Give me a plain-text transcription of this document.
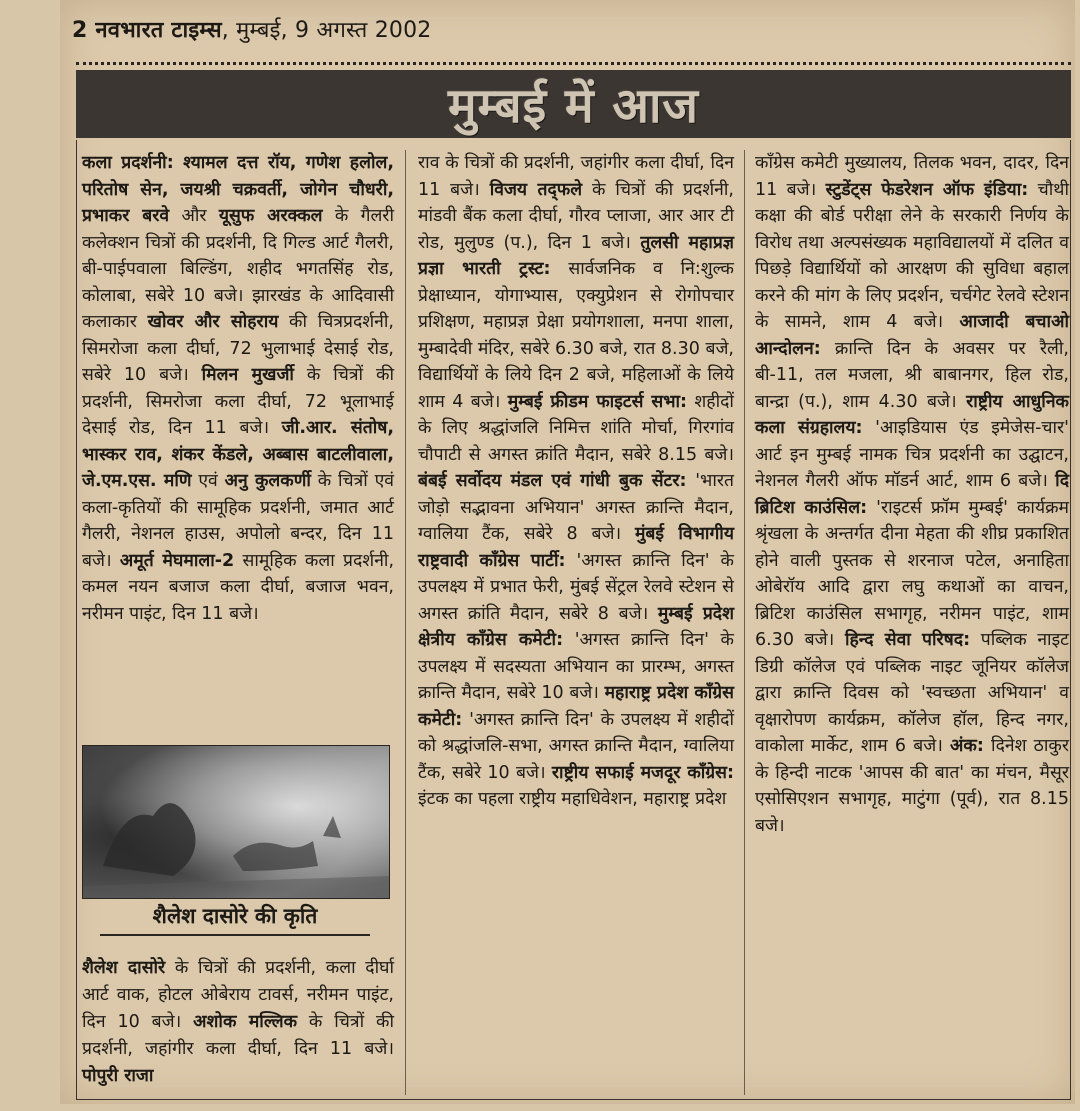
2 नवभारत टाइम्स, मुम्बई, 9 अगस्त 2002
मुम्बई में आज

कला प्रदर्शनी: श्यामल दत्त रॉय, गणेश हलोल, परितोष सेन, जयश्री चक्रवर्ती, जोगेन चौधरी, प्रभाकर बरवे और यूसुफ अरक्कल के गैलरी कलेक्शन चित्रों की प्रदर्शनी, दि गिल्ड आर्ट गैलरी, बी-पाईपवाला बिल्डिंग, शहीद भगतसिंह रोड, कोलाबा, सबेरे 10 बजे। झारखंड के आदिवासी कलाकार खोवर और सोहराय की चित्रप्रदर्शनी, सिमरोजा कला दीर्घा, 72 भुलाभाई देसाई रोड, सबेरे 10 बजे। मिलन मुखर्जी के चित्रों की प्रदर्शनी, सिमरोजा कला दीर्घा, 72 भूलाभाई देसाई रोड, दिन 11 बजे। जी.आर. संतोष, भास्कर राव, शंकर केंडले, अब्बास बाटलीवाला, जे.एम.एस. मणि एवं अनु कुलकर्णी के चित्रों एवं कला-कृतियों की सामूहिक प्रदर्शनी, जमात आर्ट गैलरी, नेशनल हाउस, अपोलो बन्दर, दिन 11 बजे। अमूर्त मेघमाला-2 सामूहिक कला प्रदर्शनी, कमल नयन बजाज कला दीर्घा, बजाज भवन, नरीमन पाइंट, दिन 11 बजे।

शैलेश दासोरे की कृति

शैलेश दासोरे के चित्रों की प्रदर्शनी, कला दीर्घा आर्ट वाक, होटल ओबेराय टावर्स, नरीमन पाइंट, दिन 10 बजे। अशोक मल्लिक के चित्रों की प्रदर्शनी, जहांगीर कला दीर्घा, दिन 11 बजे। पोपुरी राजा

राव के चित्रों की प्रदर्शनी, जहांगीर कला दीर्घा, दिन 11 बजे। विजय तद्फले के चित्रों की प्रदर्शनी, मांडवी बैंक कला दीर्घा, गौरव प्लाजा, आर आर टी रोड, मुलुण्ड (प.), दिन 1 बजे। तुलसी महाप्रज्ञ प्रज्ञा भारती ट्रस्ट: सार्वजनिक व नि:शुल्क प्रेक्षाध्यान, योगाभ्यास, एक्युप्रेशन से रोगोपचार प्रशिक्षण, महाप्रज्ञ प्रेक्षा प्रयोगशाला, मनपा शाला, मुम्बादेवी मंदिर, सबेरे 6.30 बजे, रात 8.30 बजे, विद्यार्थियों के लिये दिन 2 बजे, महिलाओं के लिये शाम 4 बजे। मुम्बई फ्रीडम फाइटर्स सभा: शहीदों के लिए श्रद्धांजलि निमित्त शांति मोर्चा, गिरगांव चौपाटी से अगस्त क्रांति मैदान, सबेरे 8.15 बजे। बंबई सर्वोदय मंडल एवं गांधी बुक सेंटर: 'भारत जोड़ो सद्भावना अभियान' अगस्त क्रान्ति मैदान, ग्वालिया टैंक, सबेरे 8 बजे। मुंबई विभागीय राष्ट्रवादी कॉंग्रेस पार्टी: 'अगस्त क्रान्ति दिन' के उपलक्ष्य में प्रभात फेरी, मुंबई सेंट्रल रेलवे स्टेशन से अगस्त क्रांति मैदान, सबेरे 8 बजे। मुम्बई प्रदेश क्षेत्रीय कॉंग्रेस कमेटी: 'अगस्त क्रान्ति दिन' के उपलक्ष्य में सदस्यता अभियान का प्रारम्भ, अगस्त क्रान्ति मैदान, सबेरे 10 बजे। महाराष्ट्र प्रदेश कॉंग्रेस कमेटी: 'अगस्त क्रान्ति दिन' के उपलक्ष्य में शहीदों को श्रद्धांजलि-सभा, अगस्त क्रान्ति मैदान, ग्वालिया टैंक, सबेरे 10 बजे। राष्ट्रीय सफाई मजदूर कॉंग्रेस: इंटक का पहला राष्ट्रीय महाधिवेशन, महाराष्ट्र प्रदेश

कॉंग्रेस कमेटी मुख्यालय, तिलक भवन, दादर, दिन 11 बजे। स्टुडेंट्स फेडरेशन ऑफ इंडिया: चौथी कक्षा की बोर्ड परीक्षा लेने के सरकारी निर्णय के विरोध तथा अल्पसंख्यक महाविद्यालयों में दलित व पिछड़े विद्यार्थियों को आरक्षण की सुविधा बहाल करने की मांग के लिए प्रदर्शन, चर्चगेट रेलवे स्टेशन के सामने, शाम 4 बजे। आजादी बचाओ आन्दोलन: क्रान्ति दिन के अवसर पर रैली, बी-11, तल मजला, श्री बाबानगर, हिल रोड, बान्द्रा (प.), शाम 4.30 बजे। राष्ट्रीय आधुनिक कला संग्रहालय: 'आइडियास एंड इमेजेस-चार' आर्ट इन मुम्बई नामक चित्र प्रदर्शनी का उद्घाटन, नेशनल गैलरी ऑफ मॉडर्न आर्ट, शाम 6 बजे। दि ब्रिटिश काउंसिल: 'राइटर्स फ्रॉम मुम्बई' कार्यक्रम श्रृंखला के अन्तर्गत दीना मेहता की शीघ्र प्रकाशित होने वाली पुस्तक से शरनाज पटेल, अनाहिता ओबेरॉय आदि द्वारा लघु कथाओं का वाचन, ब्रिटिश काउंसिल सभागृह, नरीमन पाइंट, शाम 6.30 बजे। हिन्द सेवा परिषद: पब्लिक नाइट डिग्री कॉलेज एवं पब्लिक नाइट जूनियर कॉलेज द्वारा क्रान्ति दिवस को 'स्वच्छता अभियान' व वृक्षारोपण कार्यक्रम, कॉलेज हॉल, हिन्द नगर, वाकोला मार्केट, शाम 6 बजे। अंक: दिनेश ठाकुर के हिन्दी नाटक 'आपस की बात' का मंचन, मैसूर एसोसिएशन सभागृह, माटुंगा (पूर्व), रात 8.15 बजे।
